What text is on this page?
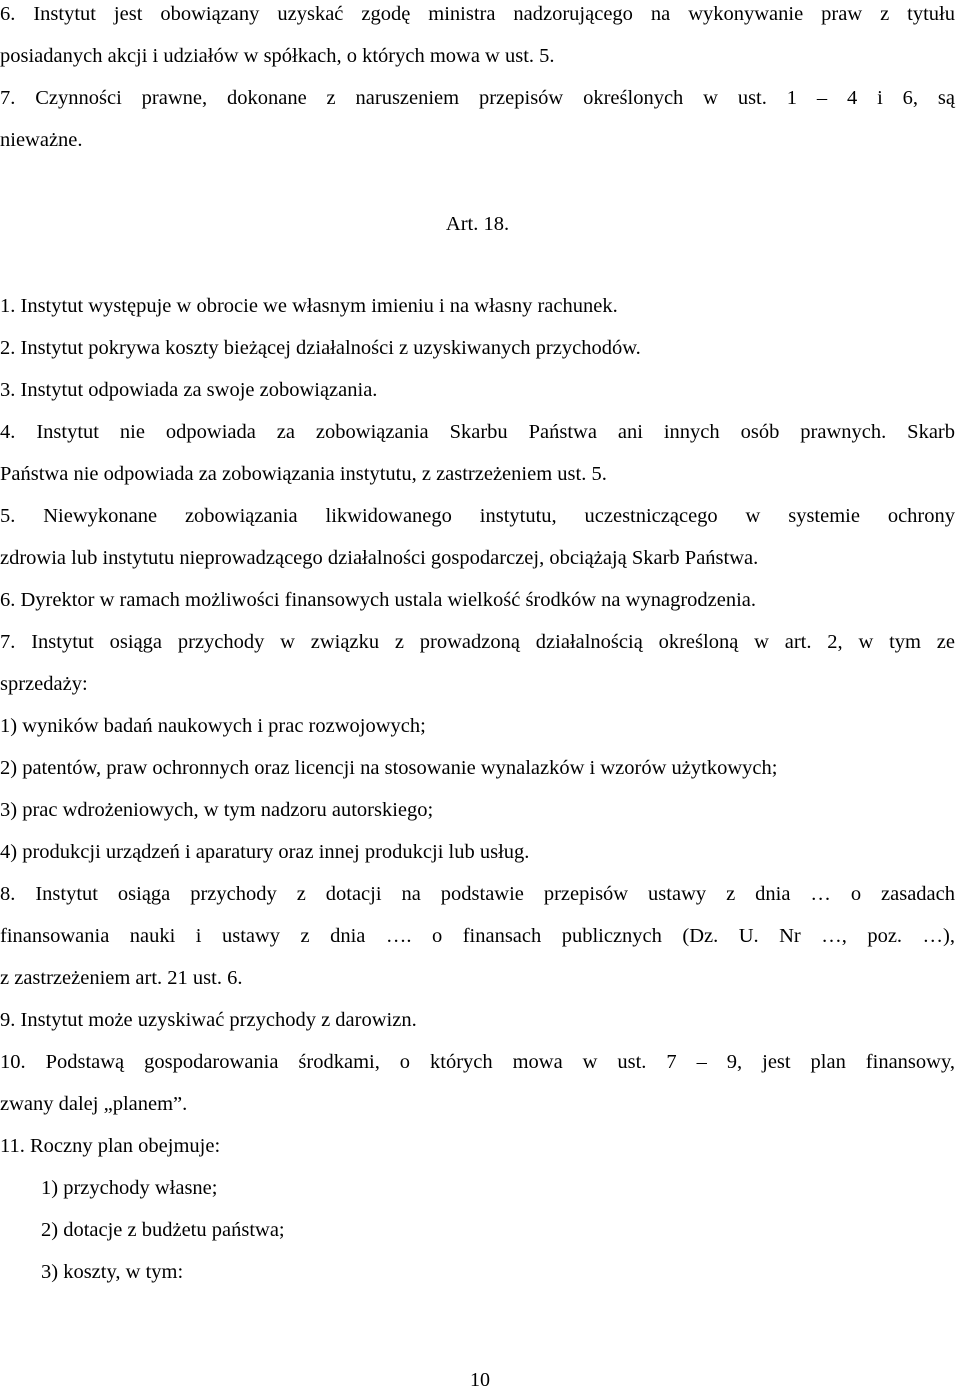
6. Instytut jest obowiązany uzyskać zgodę ministra nadzorującego na wykonywanie praw z tytułu
posiadanych akcji i udziałów w spółkach, o których mowa w ust. 5.
7. Czynności prawne, dokonane z naruszeniem przepisów określonych w ust. 1 – 4 i 6, są
nieważne.
Art. 18.
1. Instytut występuje w obrocie we własnym imieniu i na własny rachunek.
2. Instytut pokrywa koszty bieżącej działalności z uzyskiwanych przychodów.
3. Instytut odpowiada za swoje zobowiązania.
4. Instytut nie odpowiada za zobowiązania Skarbu Państwa ani innych osób prawnych. Skarb
Państwa nie odpowiada za zobowiązania instytutu, z zastrzeżeniem ust. 5.
5. Niewykonane zobowiązania likwidowanego instytutu, uczestniczącego w systemie ochrony
zdrowia lub instytutu nieprowadzącego działalności gospodarczej, obciążają Skarb Państwa.
6. Dyrektor w ramach możliwości finansowych ustala wielkość środków na wynagrodzenia.
7. Instytut osiąga przychody w związku z prowadzoną działalnością określoną w art. 2, w tym ze
sprzedaży:
1) wyników badań naukowych i prac rozwojowych;
2) patentów, praw ochronnych oraz licencji na stosowanie wynalazków i wzorów użytkowych;
3) prac wdrożeniowych, w tym nadzoru autorskiego;
4) produkcji urządzeń i aparatury oraz innej produkcji lub usług.
8. Instytut osiąga przychody z dotacji na podstawie przepisów ustawy z dnia … o zasadach
finansowania nauki i ustawy z dnia …. o finansach publicznych (Dz. U. Nr …, poz. …),
z zastrzeżeniem art. 21 ust. 6.
9. Instytut może uzyskiwać przychody z darowizn.
10. Podstawą gospodarowania środkami, o których mowa w ust. 7 – 9, jest plan finansowy,
zwany dalej „planem”.
11. Roczny plan obejmuje:
1) przychody własne;
2) dotacje z budżetu państwa;
3) koszty, w tym:
10
